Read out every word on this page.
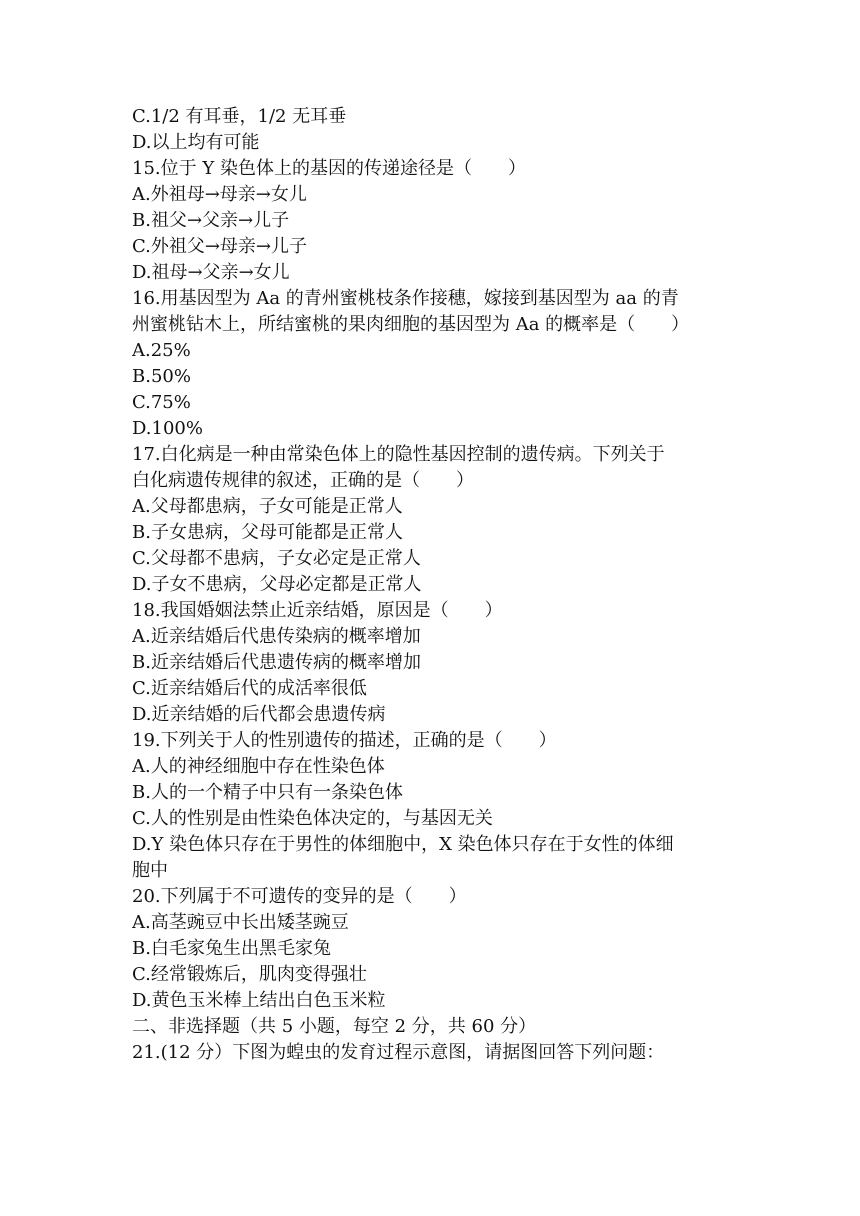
C.1/2 有耳垂，1/2 无耳垂
D.以上均有可能
15.位于 Y 染色体上的基因的传递途径是（　　）
A.外祖母→母亲→女儿
B.祖父→父亲→儿子
C.外祖父→母亲→儿子
D.祖母→父亲→女儿
16.用基因型为 Aa 的青州蜜桃枝条作接穗，嫁接到基因型为 aa 的青
州蜜桃钻木上，所结蜜桃的果肉细胞的基因型为 Aa 的概率是（　　）
A.25%
B.50%
C.75%
D.100%
17.白化病是一种由常染色体上的隐性基因控制的遗传病。下列关于
白化病遗传规律的叙述，正确的是（　　）
A.父母都患病，子女可能是正常人
B.子女患病，父母可能都是正常人
C.父母都不患病，子女必定是正常人
D.子女不患病，父母必定都是正常人
18.我国婚姻法禁止近亲结婚，原因是（　　）
A.近亲结婚后代患传染病的概率增加
B.近亲结婚后代患遗传病的概率增加
C.近亲结婚后代的成活率很低
D.近亲结婚的后代都会患遗传病
19.下列关于人的性别遗传的描述，正确的是（　　）
A.人的神经细胞中存在性染色体
B.人的一个精子中只有一条染色体
C.人的性别是由性染色体决定的，与基因无关
D.Y 染色体只存在于男性的体细胞中，X 染色体只存在于女性的体细
胞中
20.下列属于不可遗传的变异的是（　　）
A.高茎豌豆中长出矮茎豌豆
B.白毛家兔生出黑毛家兔
C.经常锻炼后，肌肉变得强壮
D.黄色玉米棒上结出白色玉米粒
二、非选择题（共 5 小题，每空 2 分，共 60 分）
21.(12 分）下图为蝗虫的发育过程示意图，请据图回答下列问题：
